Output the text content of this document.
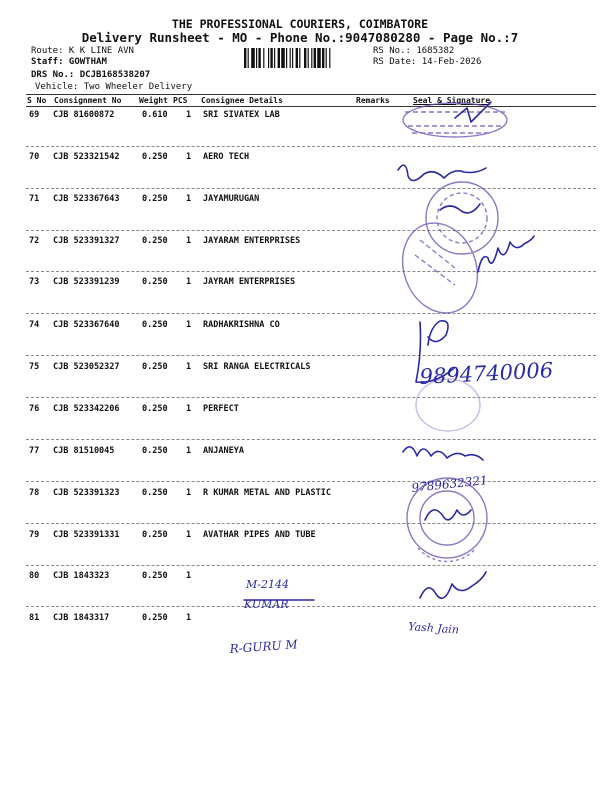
THE PROFESSIONAL COURIERS, COIMBATORE
Delivery Runsheet - MO - Phone No.:9047080280 - Page No.:7
Route: K K LINE AVN
Staff: GOWTHAM
DRS No.: DCJB168538207
Vehicle: Two Wheeler Delivery
RS No.: 1685382
RS Date: 14-Feb-2026
S No Consignment No Weight PCS Consignee Details	Remarks	Seal & Signature
69 CJB 81600872	0.610 1 SRI SIVATEX LAB
70 CJB 523321542	0.250 1 AERO TECH
71 CJB 523367643	0.250 1 JAYAMURUGAN
72 CJB 523391327	0.250 1 JAYARAM ENTERPRISES
73 CJB 523391239	0.250 1 JAYRAM ENTERPRISES
74 CJB 523367640	0.250 1 RADHAKRISHNA CO
75 CJB 523052327	0.250 1 SRI RANGA ELECTRICALS
76 CJB 523342206	0.250 1 PERFECT
77 CJB 81510045	0.250 1 ANJANEYA
78 CJB 523391323	0.250 1 R KUMAR METAL AND PLASTIC
79 CJB 523391331	0.250 1 AVATHAR PIPES AND TUBE
80 CJB 1843323	0.250 1
81 CJB 1843317	0.250 1
9894740006
9789632321
M-2144
KUMAR
R-GURU M
Yash Jain
